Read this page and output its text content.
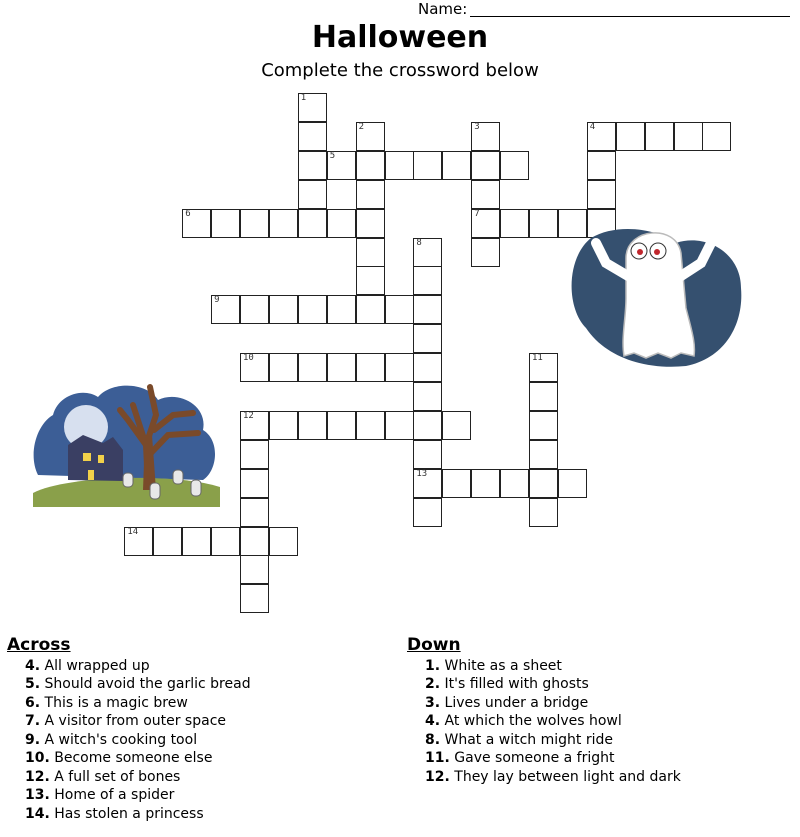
Name:
Halloween
Complete the crossword below
1
2	3
7
4
5
6
8
13
9
10	11
12
14
Across
4. All wrapped up
5. Should avoid the garlic bread
6. This is a magic brew
7. A visitor from outer space
9. A witch's cooking tool
10. Become someone else
12. A full set of bones
13. Home of a spider
14. Has stolen a princess
Down
1. White as a sheet
2. It's filled with ghosts
3. Lives under a bridge
4. At which the wolves howl
8. What a witch might ride
11. Gave someone a fright
12. They lay between light and dark
